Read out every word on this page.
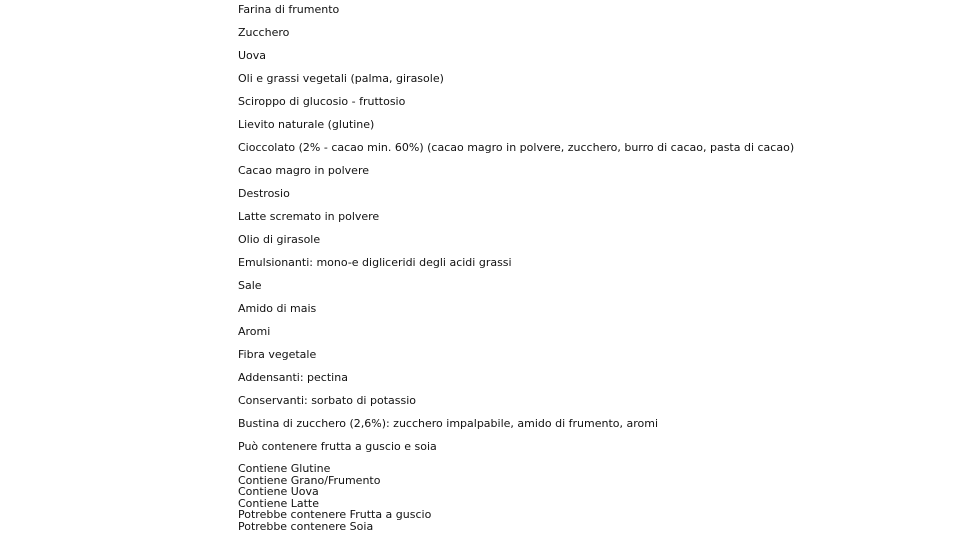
Farina di frumento
Zucchero
Uova
Oli e grassi vegetali (palma, girasole)
Sciroppo di glucosio - fruttosio
Lievito naturale (glutine)
Cioccolato (2% - cacao min. 60%) (cacao magro in polvere, zucchero, burro di cacao, pasta di cacao)
Cacao magro in polvere
Destrosio
Latte scremato in polvere
Olio di girasole
Emulsionanti: mono-e digliceridi degli acidi grassi
Sale
Amido di mais
Aromi
Fibra vegetale
Addensanti: pectina
Conservanti: sorbato di potassio
Bustina di zucchero (2,6%): zucchero impalpabile, amido di frumento, aromi
Può contenere frutta a guscio e soia
Contiene Glutine
Contiene Grano/Frumento
Contiene Uova
Contiene Latte
Potrebbe contenere Frutta a guscio
Potrebbe contenere Soia
